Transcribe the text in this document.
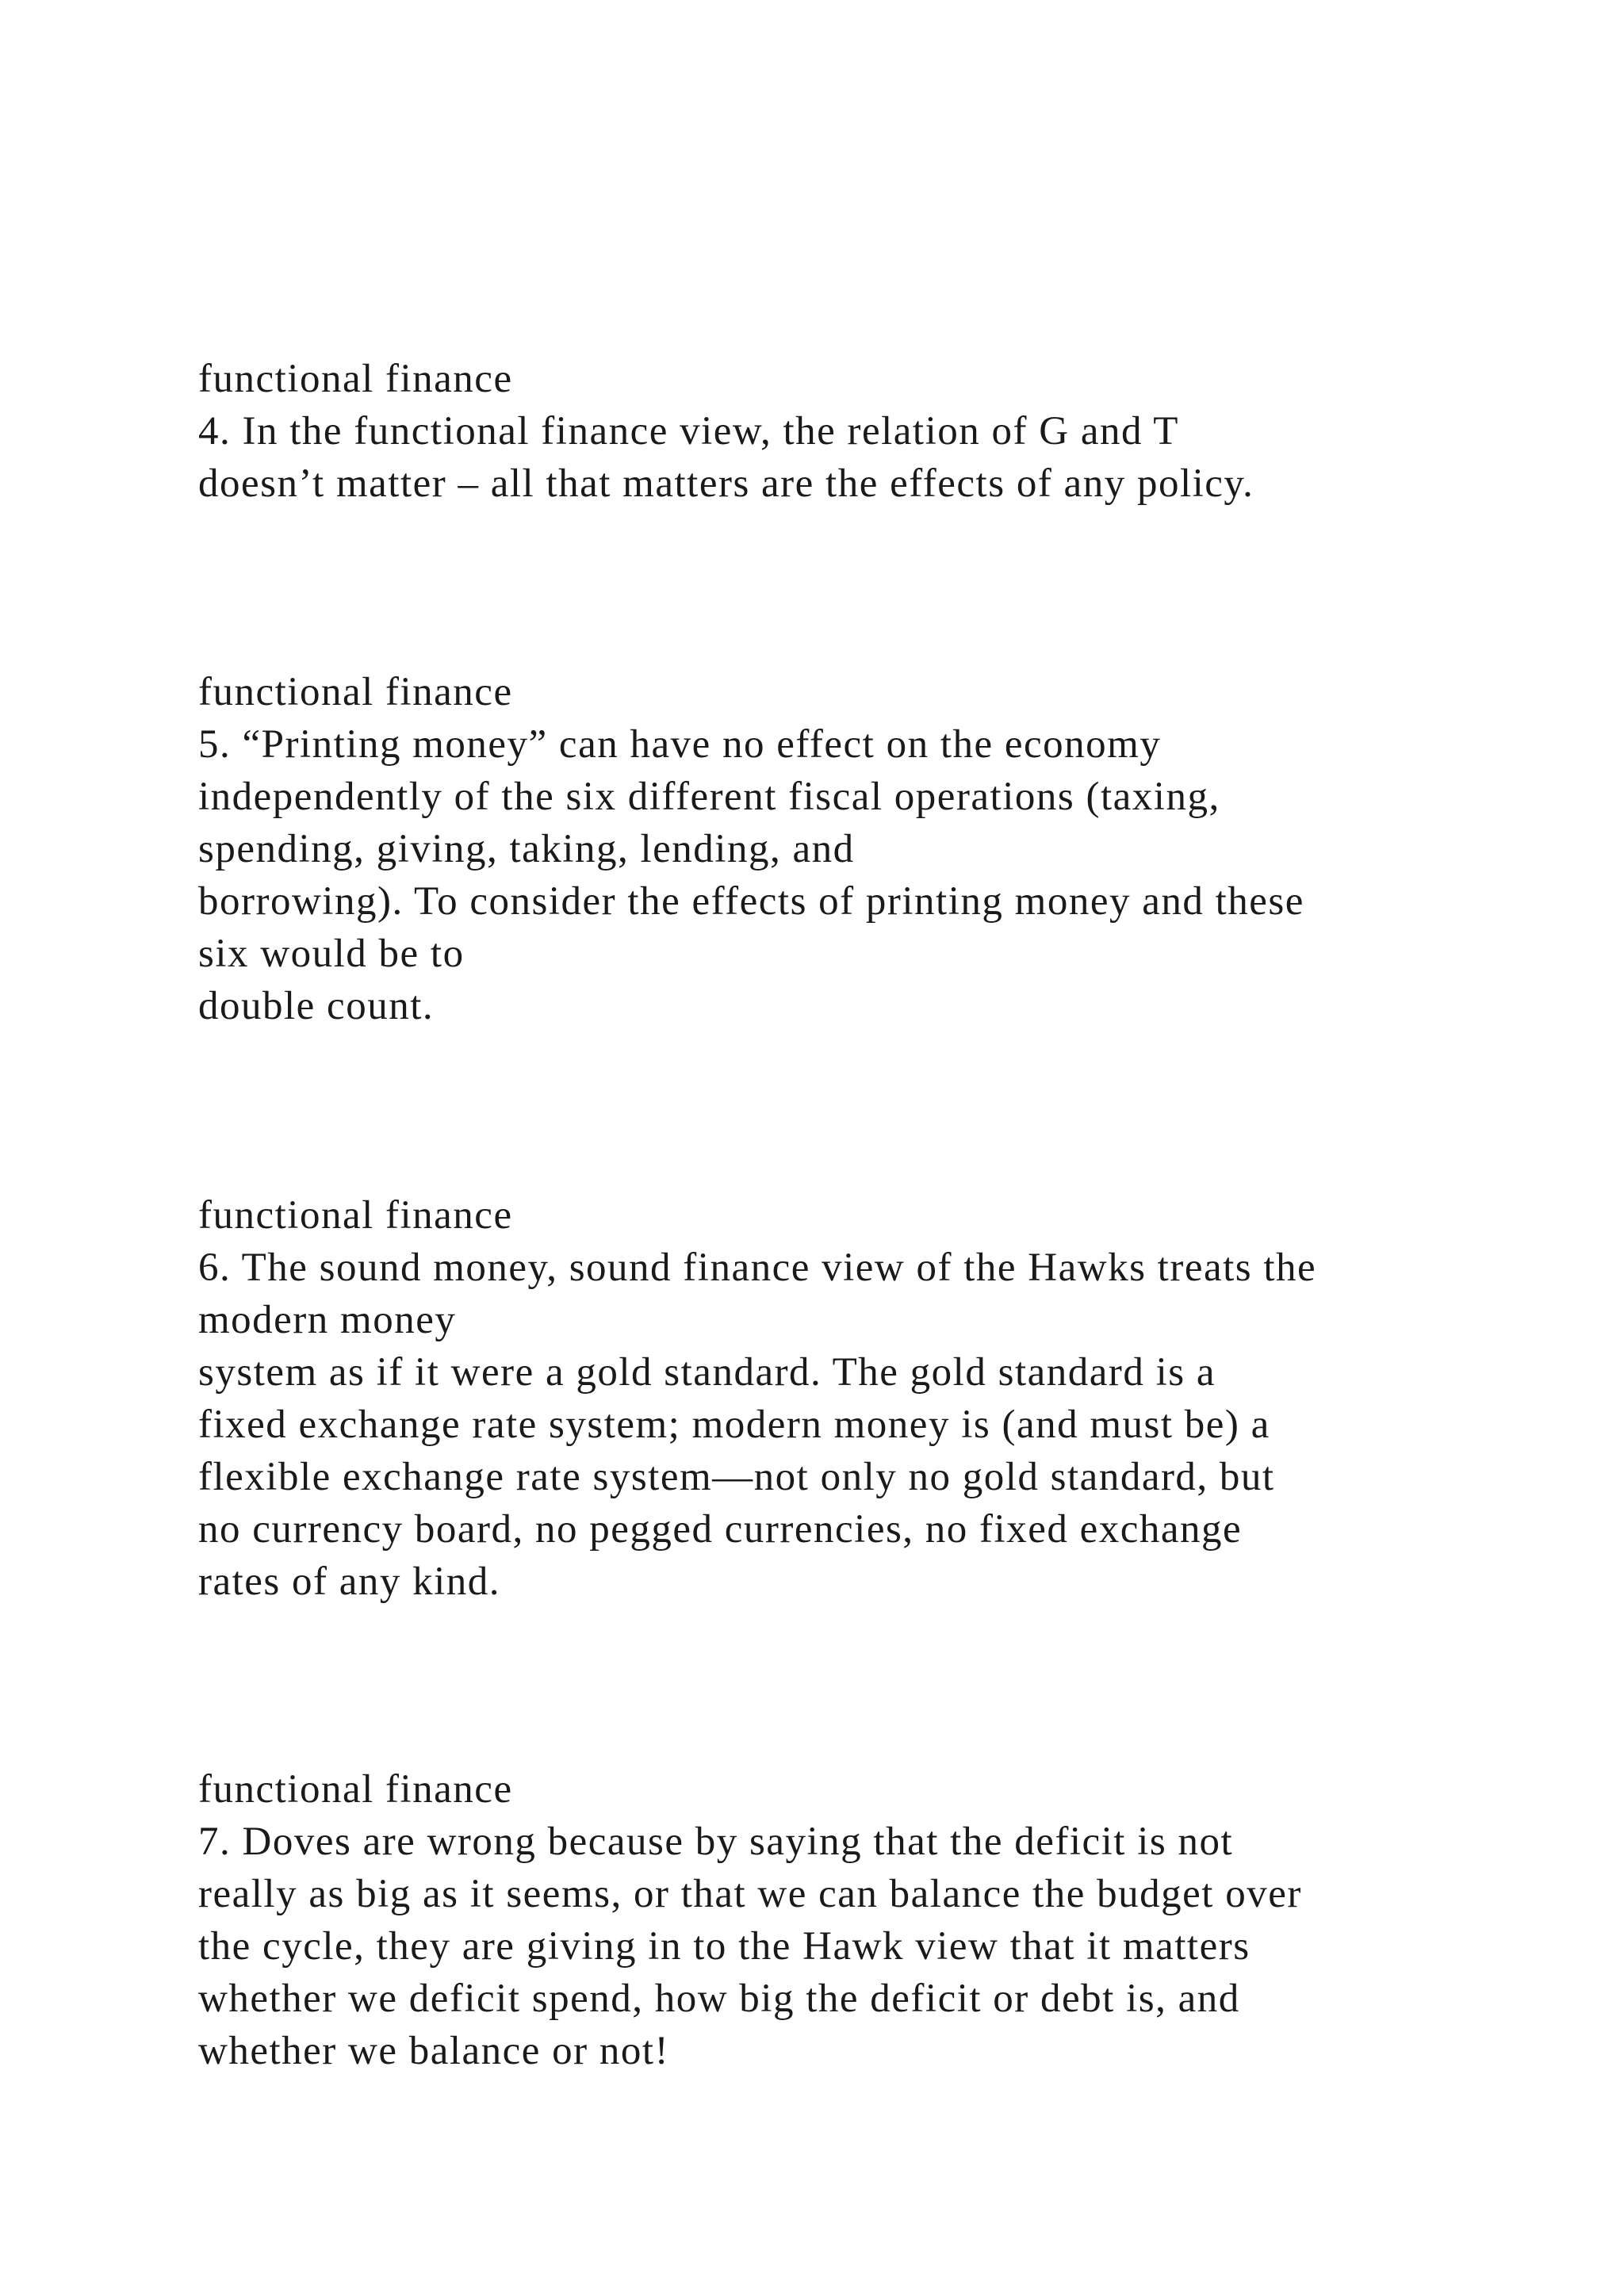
functional finance
4. In the functional finance view, the relation of G and T
doesn’t matter – all that matters are the effects of any policy.
functional finance
5. “Printing money” can have no effect on the economy
independently of the six different fiscal operations (taxing,
spending, giving, taking, lending, and
borrowing). To consider the effects of printing money and these
six would be to
double count.
functional finance
6. The sound money, sound finance view of the Hawks treats the
modern money
system as if it were a gold standard. The gold standard is a
fixed exchange rate system; modern money is (and must be) a
flexible exchange rate system—not only no gold standard, but
no currency board, no pegged currencies, no fixed exchange
rates of any kind.
functional finance
7. Doves are wrong because by saying that the deficit is not
really as big as it seems, or that we can balance the budget over
the cycle, they are giving in to the Hawk view that it matters
whether we deficit spend, how big the deficit or debt is, and
whether we balance or not!
